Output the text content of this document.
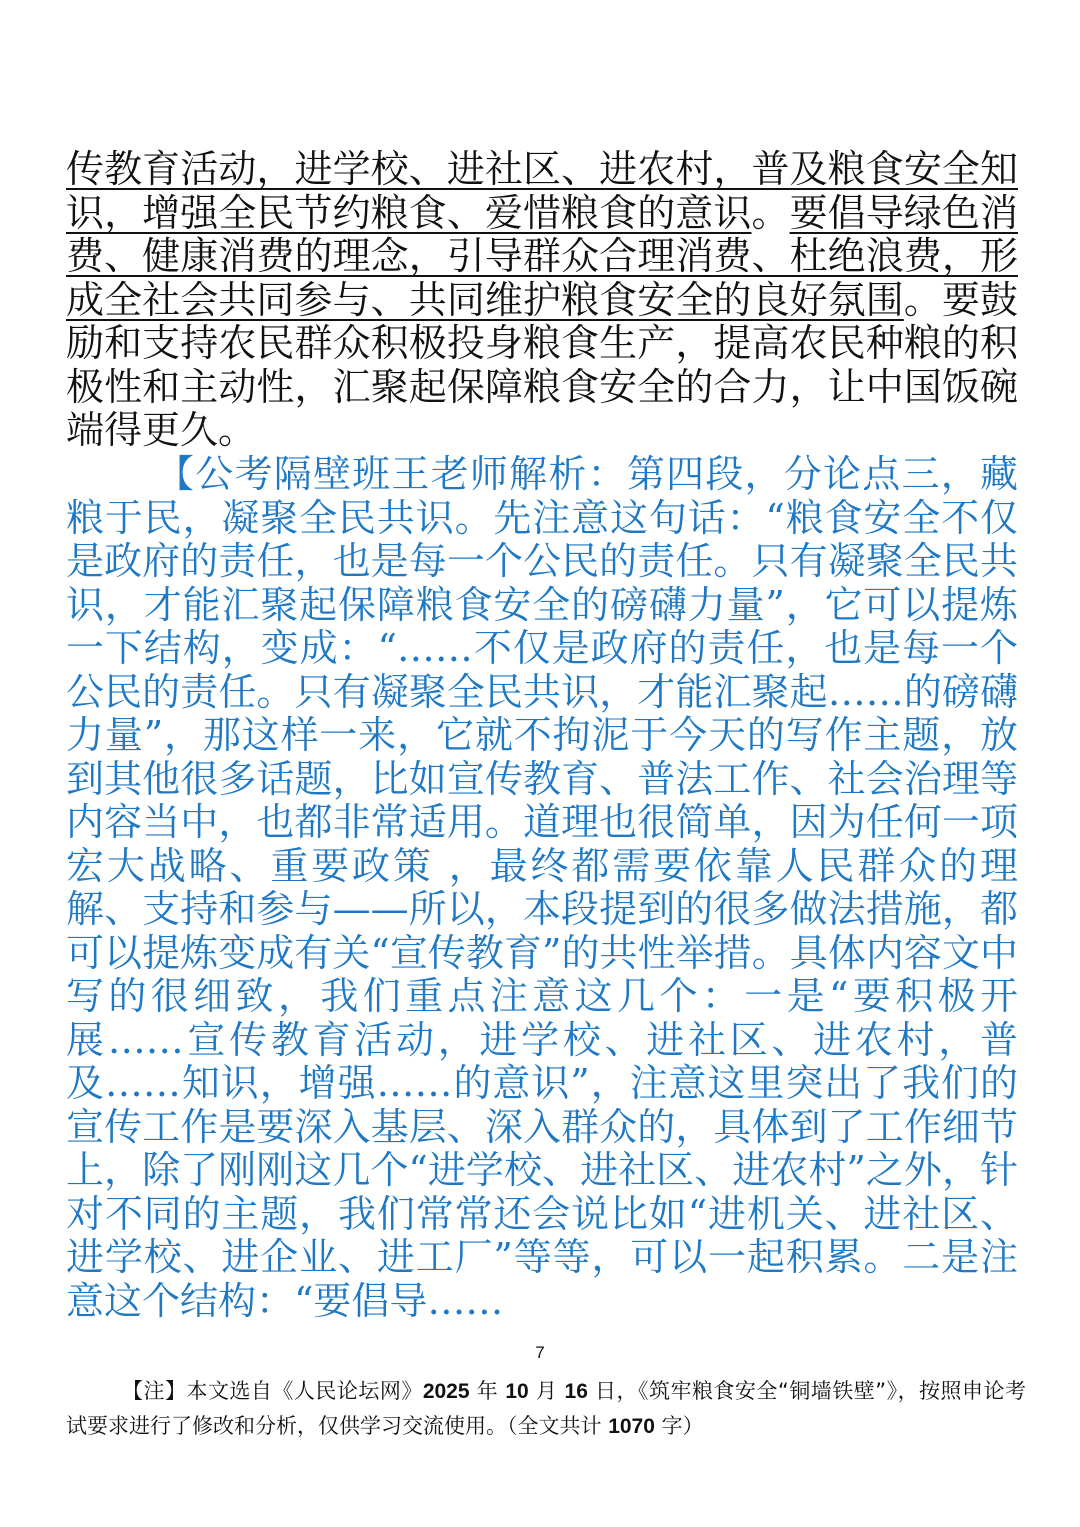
传教育活动，进学校、进社区、进农村，普及粮食安全知识，增强全民节约粮食、爱惜粮食的意识。要倡导绿色消费、健康消费的理念，引导群众合理消费、杜绝浪费，形成全社会共同参与、共同维护粮食安全的良好氛围。要鼓励和支持农民群众积极投身粮食生产，提高农民种粮的积极性和主动性，汇聚起保障粮食安全的合力，让中国饭碗端得更久。

【公考隔壁班王老师解析：第四段，分论点三，藏粮于民，凝聚全民共识。先注意这句话：“粮食安全不仅是政府的责任，也是每一个公民的责任。只有凝聚全民共识，才能汇聚起保障粮食安全的磅礴力量”，它可以提炼一下结构，变成：“……不仅是政府的责任，也是每一个公民的责任。只有凝聚全民共识，才能汇聚起……的磅礴力量”，那这样一来，它就不拘泥于今天的写作主题，放到其他很多话题，比如宣传教育、普法工作、社会治理等内容当中，也都非常适用。道理也很简单，因为任何一项宏大战略、重要政策 ，最终都需要依靠人民群众的理解、支持和参与——所以，本段提到的很多做法措施，都可以提炼变成有关“宣传教育”的共性举措。具体内容文中写的很细致，我们重点注意这几个：一是“要积极开展……宣传教育活动，进学校、进社区、进农村，普及……知识，增强……的意识”，注意这里突出了我们的宣传工作是要深入基层、深入群众的，具体到了工作细节上，除了刚刚这几个“进学校、进社区、进农村”之外，针对不同的主题，我们常常还会说比如“进机关、进社区、进学校、进企业、进工厂”等等，可以一起积累。二是注意这个结构：“要倡导……

7
【注】本文选自《人民论坛网》2025 年 10 月 16 日，《筑牢粮食安全“铜墙铁壁”》，按照申论考试要求进行了修改和分析，仅供学习交流使用。（全文共计 1070 字）
